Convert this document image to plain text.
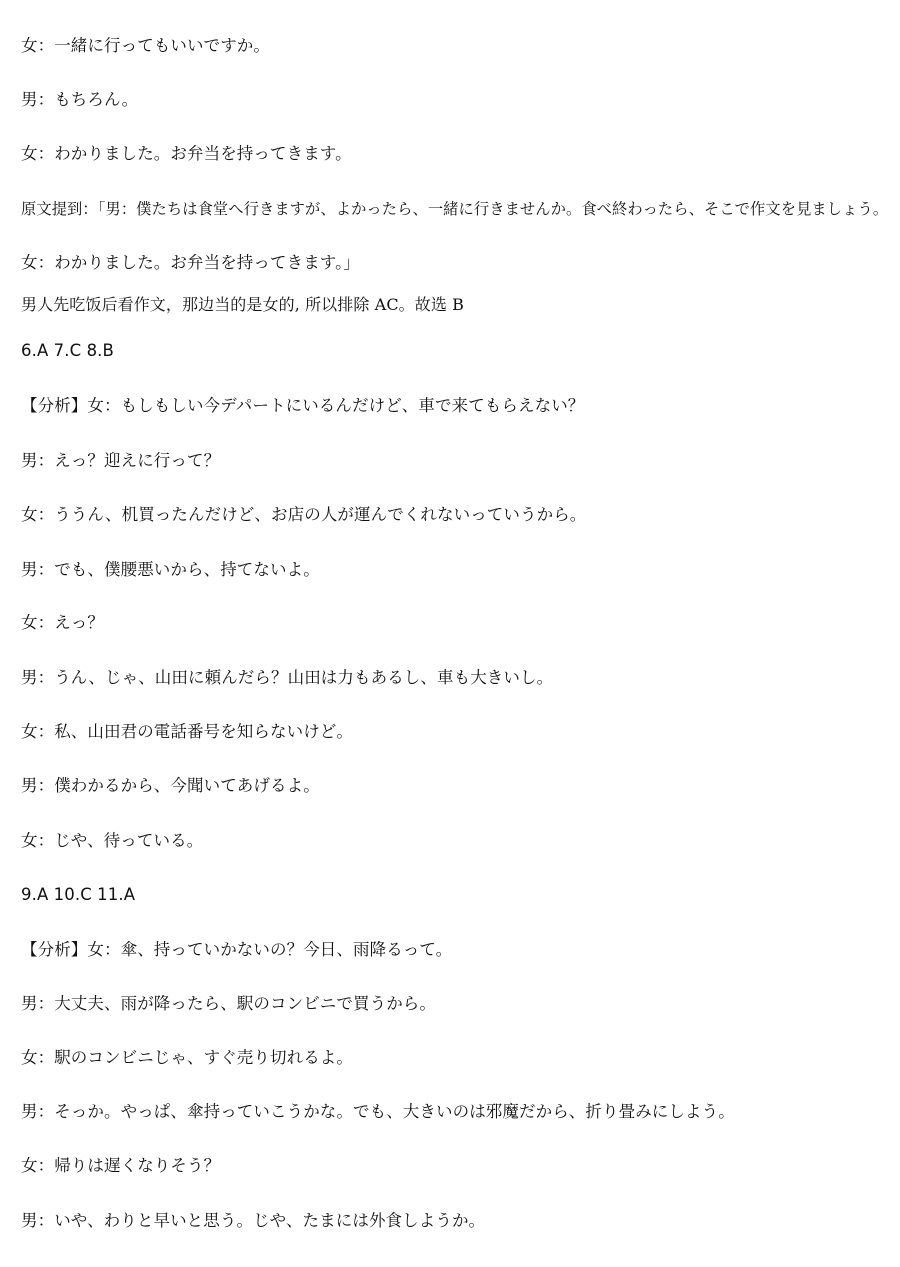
女：一緒に行ってもいいですか。
男：もちろん。
女：わかりました。お弁当を持ってきます。
原文提到：「男：僕たちは食堂へ行きますが、よかったら、一緒に行きませんか。食べ終わったら、そこで作文を見ましょう。
女：わかりました。お弁当を持ってきます。」
男人先吃饭后看作文，那边当的是女的, 所以排除 AC。故选 B
6.A 7.C 8.B
【分析】女：もしもしい今デパートにいるんだけど、車で来てもらえない？
男：えっ？迎えに行って？
女：ううん、机買ったんだけど、お店の人が運んでくれないっていうから。
男：でも、僕腰悪いから、持てないよ。
女：えっ？
男：うん、じゃ、山田に頼んだら？山田は力もあるし、車も大きいし。
女：私、山田君の電話番号を知らないけど。
男：僕わかるから、今聞いてあげるよ。
女：じや、待っている。
9.A 10.C 11.A
【分析】女：傘、持っていかないの？今日、雨降るって。
男：大丈夫、雨が降ったら、駅のコンビニで買うから。
女：駅のコンビニじゃ、すぐ売り切れるよ。
男：そっか。やっぱ、傘持っていこうかな。でも、大きいのは邪魔だから、折り畳みにしよう。
女：帰りは遅くなりそう？
男：いや、わりと早いと思う。じや、たまには外食しようか。
